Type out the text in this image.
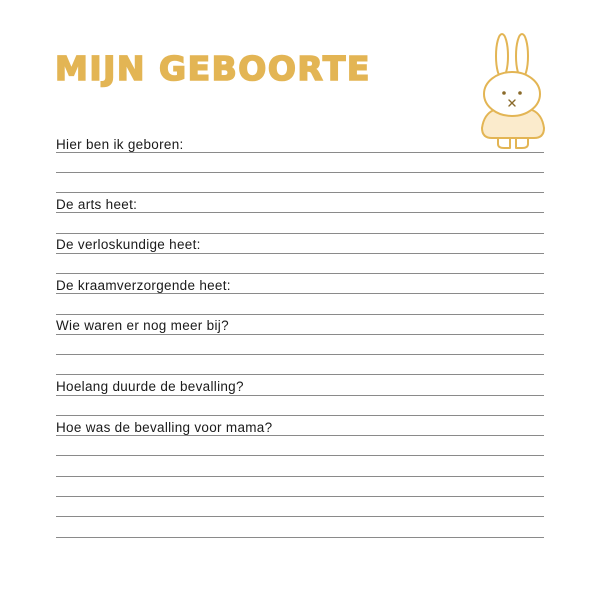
MIJN GEBOORTE
Hier ben ik geboren:
De arts heet:
De verloskundige heet:
De kraamverzorgende heet:
Wie waren er nog meer bij?
Hoelang duurde de bevalling?
Hoe was de bevalling voor mama?
